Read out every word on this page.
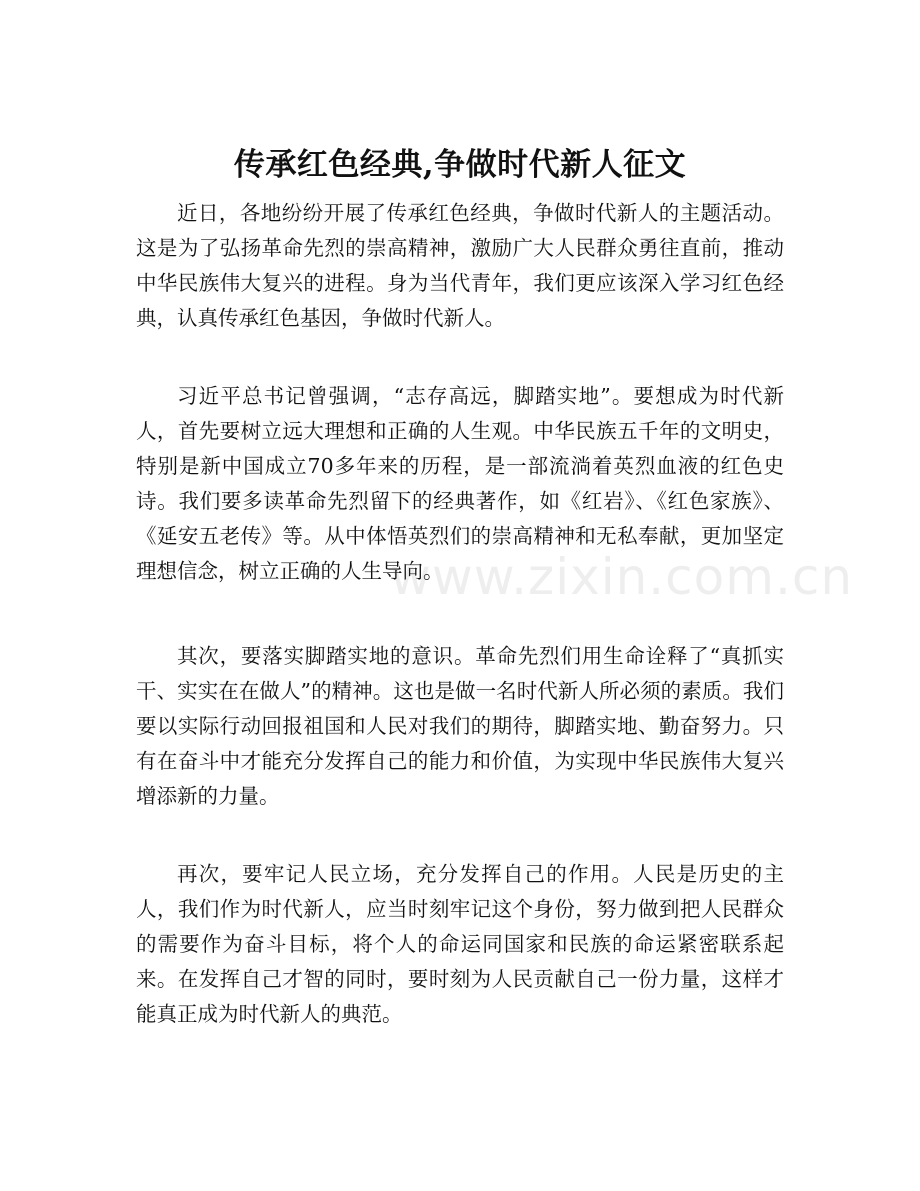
传承红色经典,争做时代新人征文

近日，各地纷纷开展了传承红色经典，争做时代新人的主题活动。这是为了弘扬革命先烈的崇高精神，激励广大人民群众勇往直前，推动中华民族伟大复兴的进程。身为当代青年，我们更应该深入学习红色经典，认真传承红色基因，争做时代新人。

习近平总书记曾强调，“志存高远，脚踏实地”。要想成为时代新人，首先要树立远大理想和正确的人生观。中华民族五千年的文明史，特别是新中国成立70多年来的历程，是一部流淌着英烈血液的红色史诗。我们要多读革命先烈留下的经典著作，如《红岩》、《红色家族》、《延安五老传》等。从中体悟英烈们的崇高精神和无私奉献，更加坚定理想信念，树立正确的人生导向。

其次，要落实脚踏实地的意识。革命先烈们用生命诠释了“真抓实干、实实在在做人”的精神。这也是做一名时代新人所必须的素质。我们要以实际行动回报祖国和人民对我们的期待，脚踏实地、勤奋努力。只有在奋斗中才能充分发挥自己的能力和价值，为实现中华民族伟大复兴增添新的力量。

再次，要牢记人民立场，充分发挥自己的作用。人民是历史的主人，我们作为时代新人，应当时刻牢记这个身份，努力做到把人民群众的需要作为奋斗目标，将个人的命运同国家和民族的命运紧密联系起来。在发挥自己才智的同时，要时刻为人民贡献自己一份力量，这样才能真正成为时代新人的典范。

www.zixin.com.cn
